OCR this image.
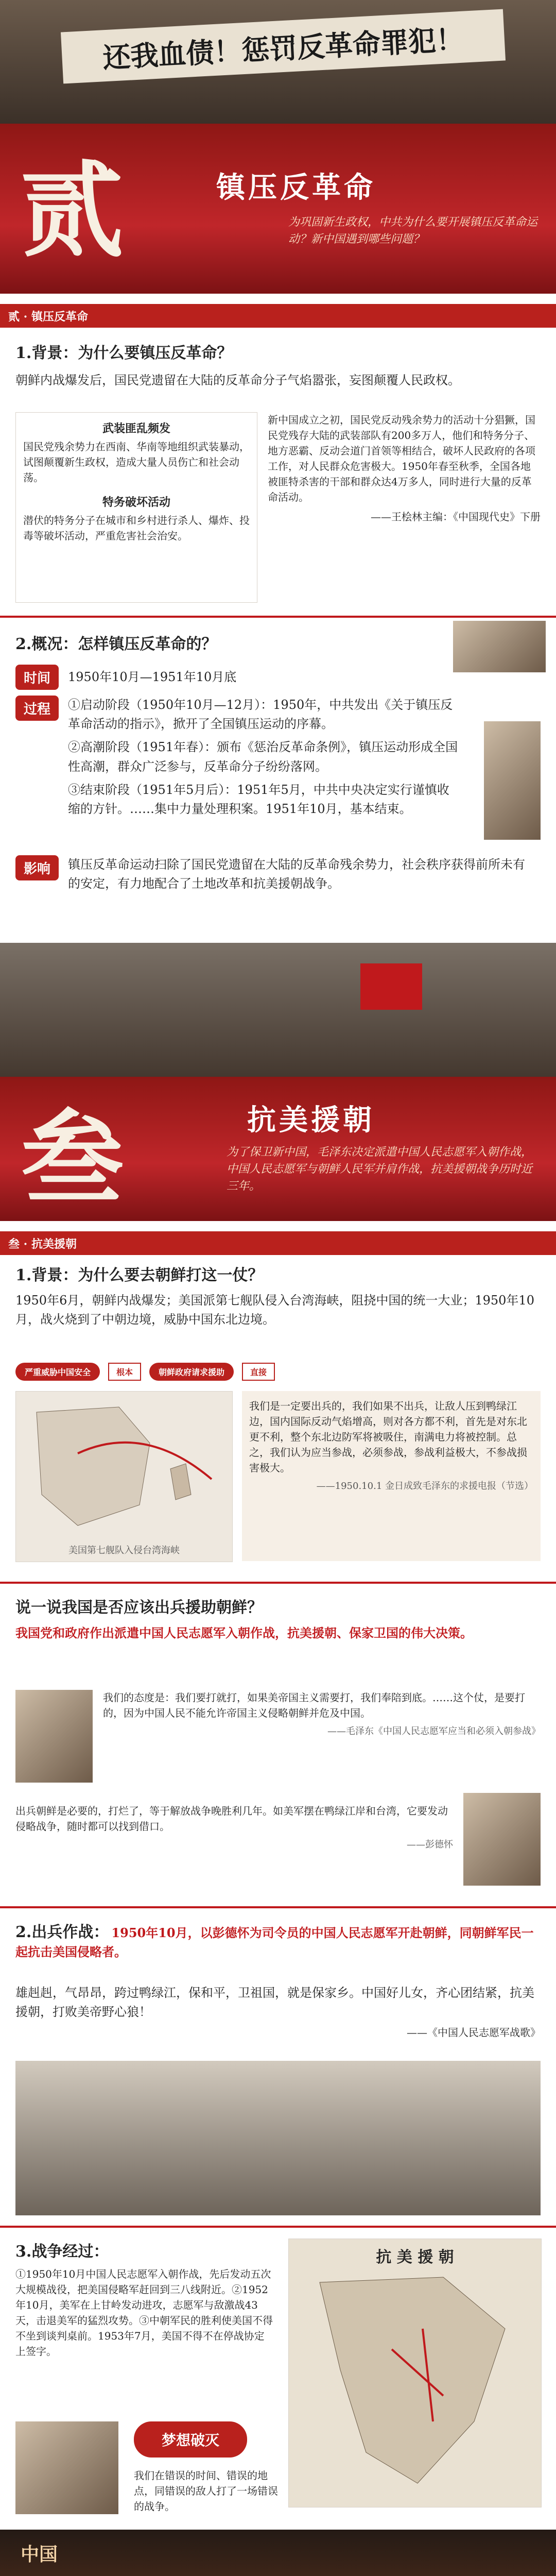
还我血债！惩罚反革命罪犯！
贰	镇压反革命
为巩固新生政权，中共为什么要开展镇压反革命运动？新中国遇到哪些问题？
贰 · 镇压反革命
1.背景：为什么要镇压反革命？
朝鲜内战爆发后，国民党遗留在大陆的反革命分子气焰嚣张，妄图颠覆人民政权。
武装匪乱频发
国民党残余势力在西南、华南等地组织武装暴动，试图颠覆新生政权，造成大量人员伤亡和社会动荡。
特务破坏活动
潜伏的特务分子在城市和乡村进行杀人、爆炸、投毒等破坏活动，严重危害社会治安。
新中国成立之初，国民党反动残余势力的活动十分猖獗，国民党残存大陆的武装部队有200多万人，他们和特务分子、地方恶霸、反动会道门首领等相结合，破坏人民政府的各项工作，对人民群众危害极大。1950年春至秋季，全国各地被匪特杀害的干部和群众达4万多人，同时进行大量的反革命活动。
——王桧林主编：《中国现代史》下册
2.概况：怎样镇压反革命的？
时间	1950年10月—1951年10月底
过程	①启动阶段（1950年10月—12月）：1950年，中共发出《关于镇压反革命活动的指示》，掀开了全国镇压运动的序幕。
②高潮阶段（1951年春）：颁布《惩治反革命条例》，镇压运动形成全国性高潮，群众广泛参与，反革命分子纷纷落网。
③结束阶段（1951年5月后）：1951年5月，中共中央决定实行谨慎收缩的方针。……集中力量处理积案。1951年10月，基本结束。
影响	镇压反革命运动扫除了国民党遗留在大陆的反革命残余势力，社会秩序获得前所未有的安定，有力地配合了土地改革和抗美援朝战争。
叁	抗美援朝
为了保卫新中国，毛泽东决定派遣中国人民志愿军入朝作战，中国人民志愿军与朝鲜人民军并肩作战，抗美援朝战争历时近三年。
叁 · 抗美援朝
1.背景：为什么要去朝鲜打这一仗？
1950年6月，朝鲜内战爆发；美国派第七舰队侵入台湾海峡，阻挠中国的统一大业；1950年10月，战火烧到了中朝边境，威胁中国东北边境。
严重威胁中国安全	根本	朝鲜政府请求援助	直接
美国第七舰队入侵台湾海峡
我们是一定要出兵的，我们如果不出兵，让敌人压到鸭绿江边，国内国际反动气焰增高，则对各方都不利，首先是对东北更不利，整个东北边防军将被吸住，南满电力将被控制。总之，我们认为应当参战，必须参战，参战利益极大，不参战损害极大。
——1950.10.1 金日成致毛泽东的求援电报（节选）
说一说我国是否应该出兵援助朝鲜？
我国党和政府作出派遣中国人民志愿军入朝作战，抗美援朝、保家卫国的伟大决策。
我们的态度是：我们要打就打，如果美帝国主义需要打，我们奉陪到底。……这个仗，是要打的，因为中国人民不能允许帝国主义侵略朝鲜并危及中国。
——毛泽东《中国人民志愿军应当和必须入朝参战》
出兵朝鲜是必要的，打烂了，等于解放战争晚胜利几年。如美军摆在鸭绿江岸和台湾，它要发动侵略战争，随时都可以找到借口。
——彭德怀
2.出兵作战： 1950年10月，以彭德怀为司令员的中国人民志愿军开赴朝鲜，同朝鲜军民一起抗击美国侵略者。
雄赳赳，气昂昂，跨过鸭绿江，保和平，卫祖国，就是保家乡。中国好儿女，齐心团结紧，抗美援朝，打败美帝野心狼！
——《中国人民志愿军战歌》
3.战争经过：
①1950年10月中国人民志愿军入朝作战，先后发动五次大规模战役，把美国侵略军赶回到三八线附近。②1952年10月，美军在上甘岭发动进攻，志愿军与敌激战43天，击退美军的猛烈攻势。③中朝军民的胜利使美国不得不坐到谈判桌前。1953年7月，美国不得不在停战协定上签字。
抗 美 援 朝
梦想破灭
我们在错误的时间、错误的地点，同错误的敌人打了一场错误的战争。
中国
